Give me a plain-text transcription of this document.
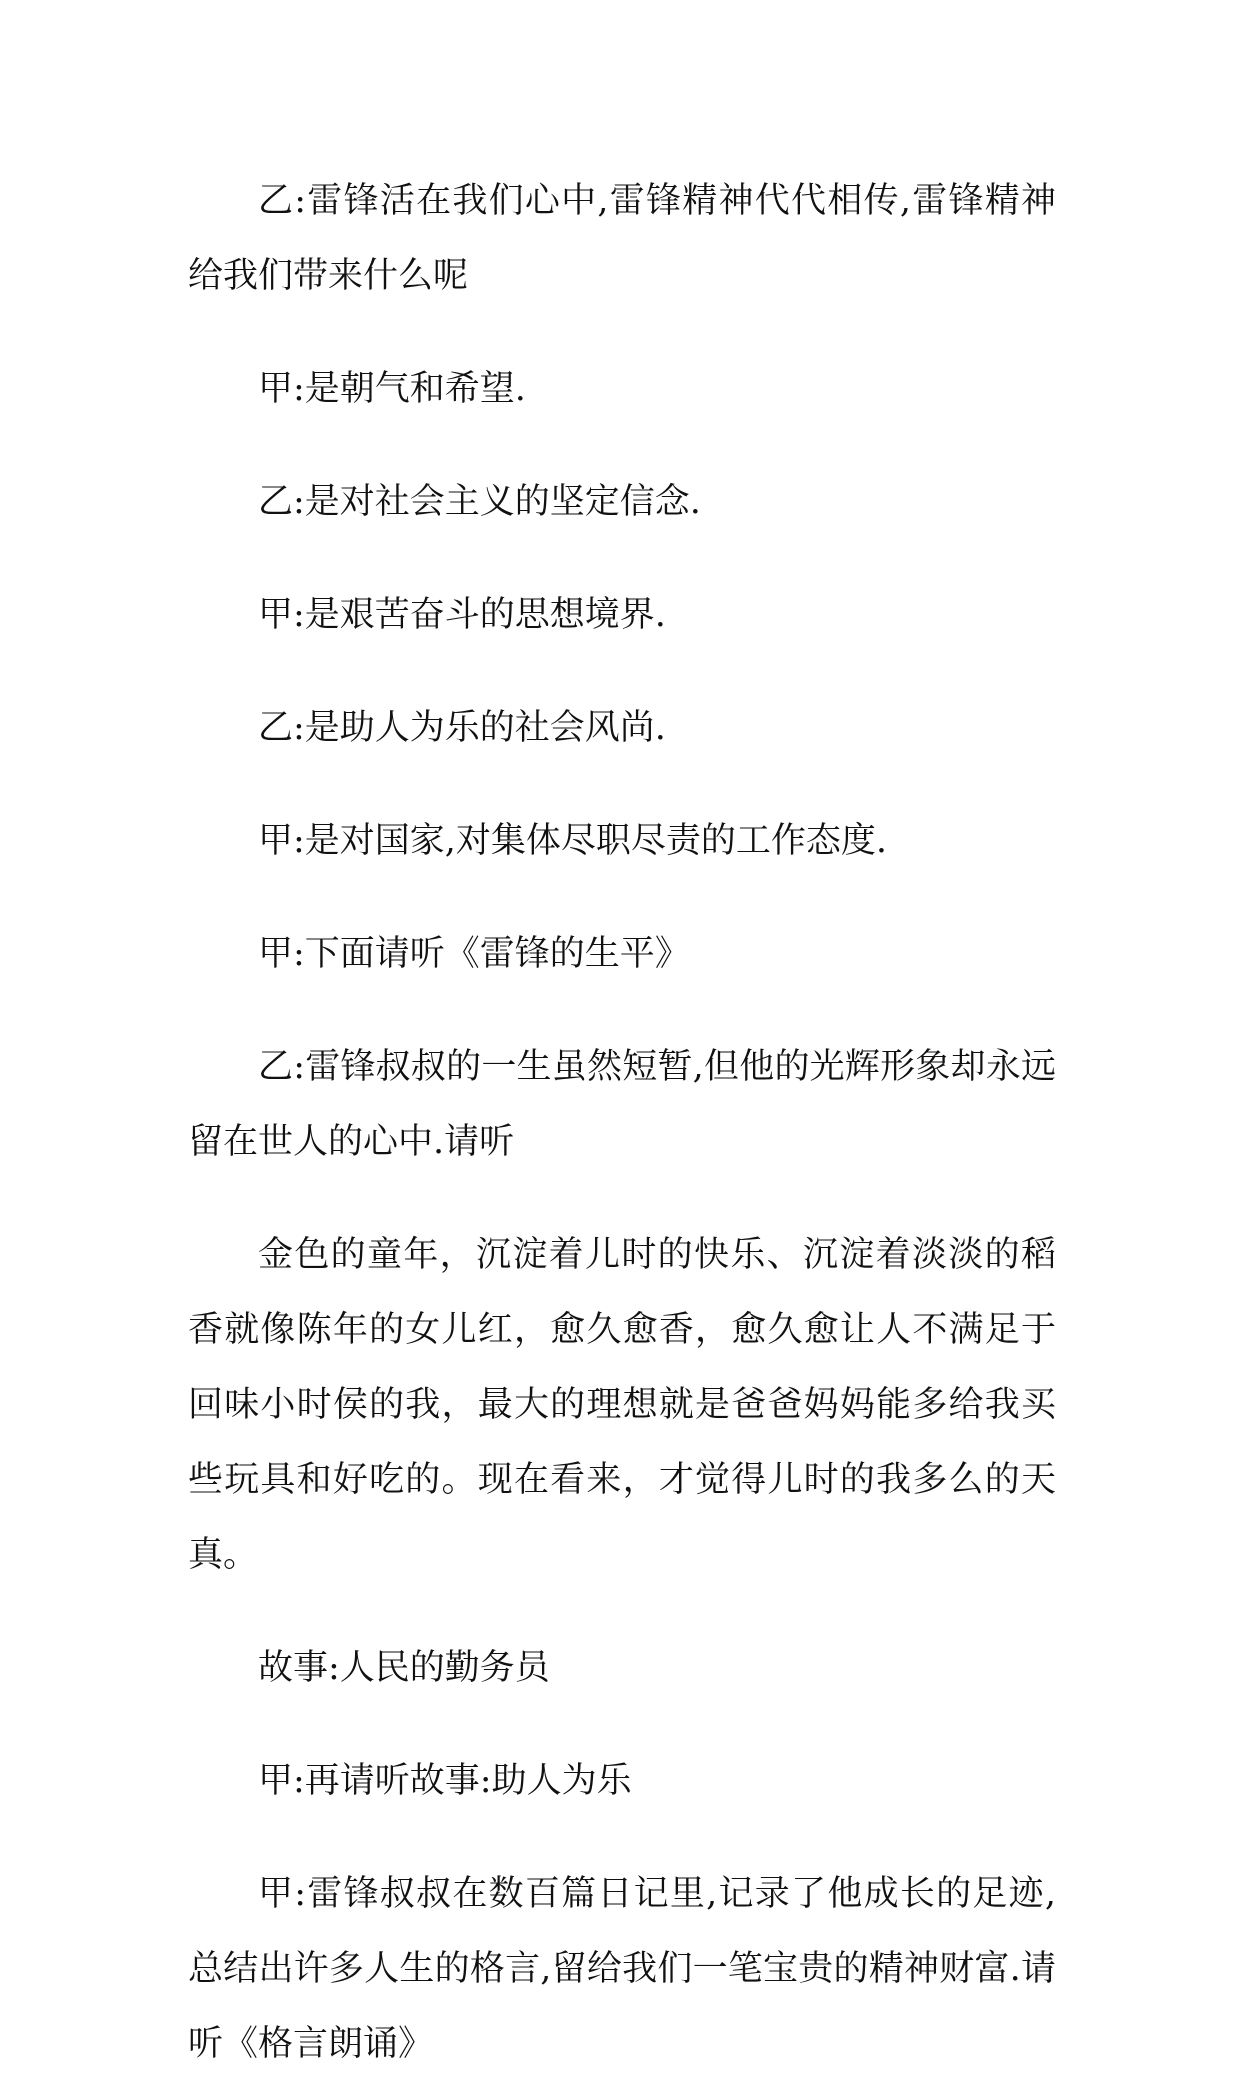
乙:雷锋活在我们心中,雷锋精神代代相传,雷锋精神给我们带来什么呢

甲:是朝气和希望.

乙:是对社会主义的坚定信念.

甲:是艰苦奋斗的思想境界.

乙:是助人为乐的社会风尚.

甲:是对国家,对集体尽职尽责的工作态度.

甲:下面请听《雷锋的生平》

乙:雷锋叔叔的一生虽然短暂,但他的光辉形象却永远留在世人的心中.请听

金色的童年，沉淀着儿时的快乐、沉淀着淡淡的稻香就像陈年的女儿红，愈久愈香，愈久愈让人不满足于回味小时侯的我，最大的理想就是爸爸妈妈能多给我买些玩具和好吃的。现在看来，才觉得儿时的我多么的天真。

故事:人民的勤务员

甲:再请听故事:助人为乐

甲:雷锋叔叔在数百篇日记里,记录了他成长的足迹,总结出许多人生的格言,留给我们一笔宝贵的精神财富.请听《格言朗诵》
